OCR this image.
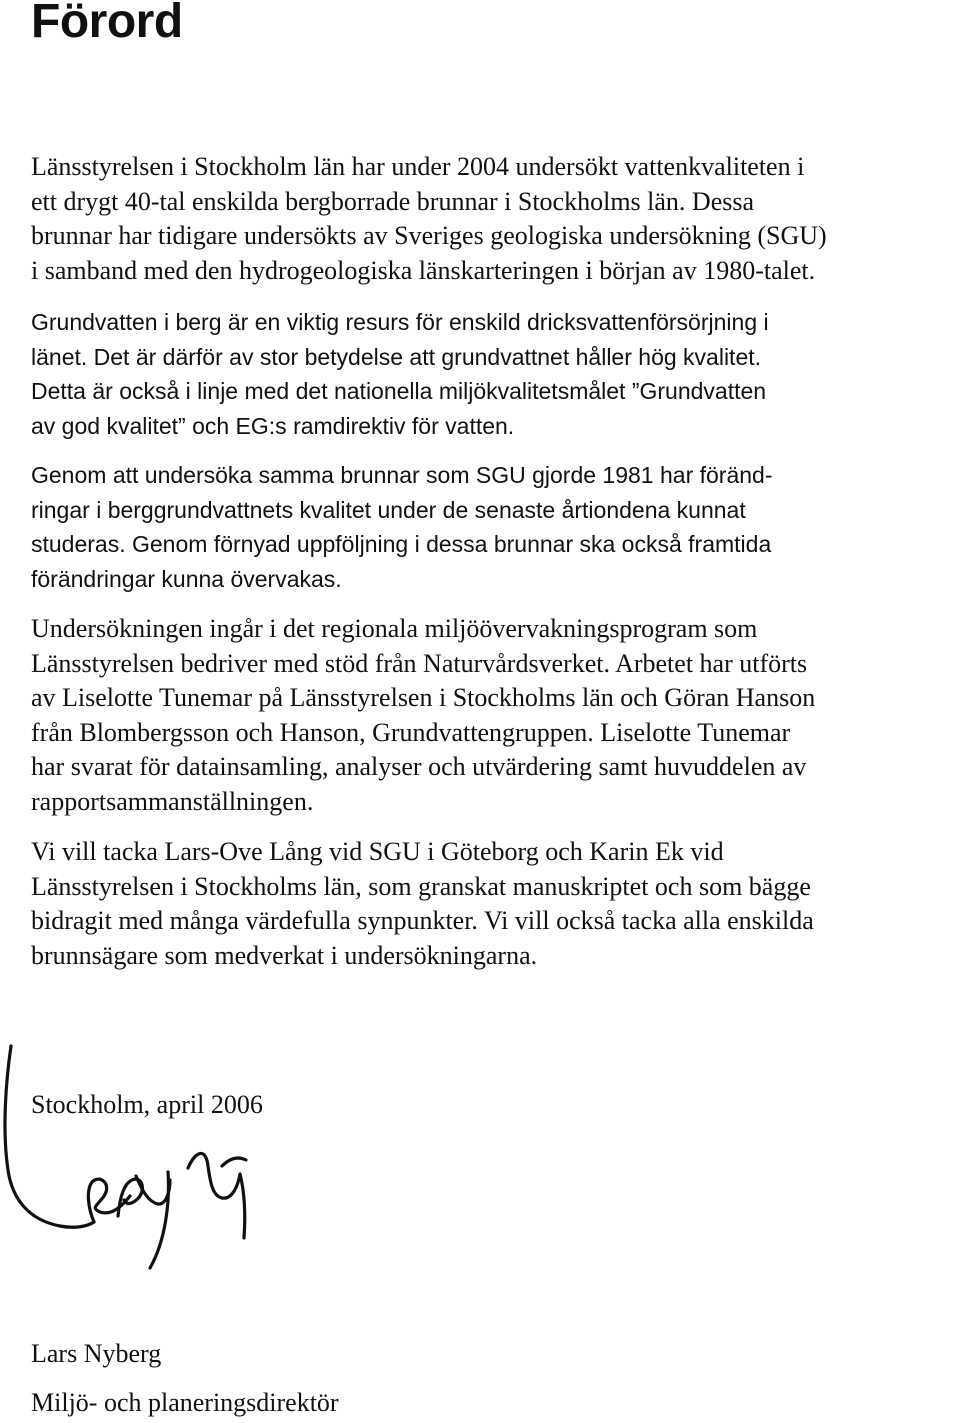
Förord

Länsstyrelsen i Stockholm län har under 2004 undersökt vattenkvaliteten i
ett drygt 40-tal enskilda bergborrade brunnar i Stockholms län. Dessa
brunnar har tidigare undersökts av Sveriges geologiska undersökning (SGU)
i samband med den hydrogeologiska länskarteringen i början av 1980-talet.

Grundvatten i berg är en viktig resurs för enskild dricksvattenförsörjning i
länet. Det är därför av stor betydelse att grundvattnet håller hög kvalitet.
Detta är också i linje med det nationella miljökvalitetsmålet ”Grundvatten
av god kvalitet” och EG:s ramdirektiv för vatten.

Genom att undersöka samma brunnar som SGU gjorde 1981 har föränd-
ringar i berggrundvattnets kvalitet under de senaste årtiondena kunnat
studeras. Genom förnyad uppföljning i dessa brunnar ska också framtida
förändringar kunna övervakas.

Undersökningen ingår i det regionala miljöövervakningsprogram som
Länsstyrelsen bedriver med stöd från Naturvårdsverket. Arbetet har utförts
av Liselotte Tunemar på Länsstyrelsen i Stockholms län och Göran Hanson
från Blombergsson och Hanson, Grundvattengruppen. Liselotte Tunemar
har svarat för datainsamling, analyser och utvärdering samt huvuddelen av
rapportsammanställningen.

Vi vill tacka Lars-Ove Lång vid SGU i Göteborg och Karin Ek vid
Länsstyrelsen i Stockholms län, som granskat manuskriptet och som bägge
bidragit med många värdefulla synpunkter. Vi vill också tacka alla enskilda
brunnsägare som medverkat i undersökningarna.

Stockholm, april 2006

Lars Nyberg

Miljö- och planeringsdirektör
